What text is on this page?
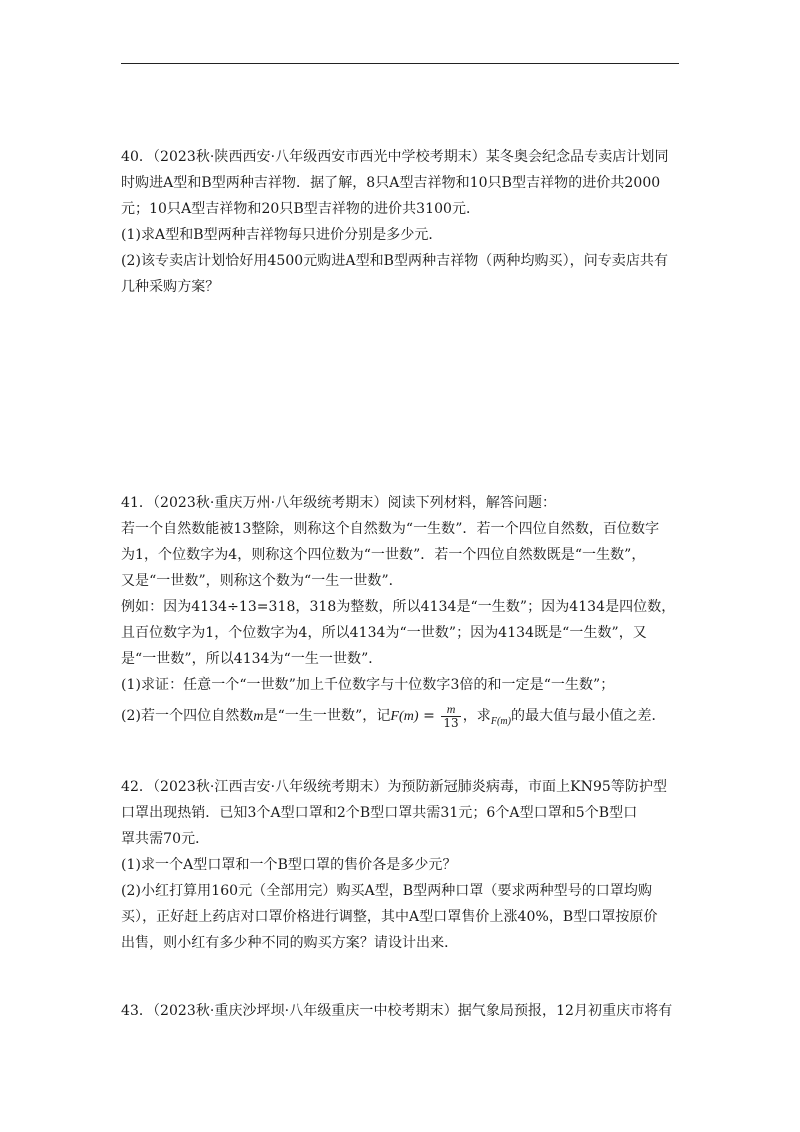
40．（2023秋·陕西西安·八年级西安市西光中学校考期末）某冬奥会纪念品专卖店计划同
时购进A型和B型两种吉祥物．据了解，8只A型吉祥物和10只B型吉祥物的进价共2000
元；10只A型吉祥物和20只B型吉祥物的进价共3100元．
(1)求A型和B型两种吉祥物每只进价分别是多少元．
(2)该专卖店计划恰好用4500元购进A型和B型两种吉祥物（两种均购买），问专卖店共有
几种采购方案？
41．（2023秋·重庆万州·八年级统考期末）阅读下列材料，解答问题：
若一个自然数能被13整除，则称这个自然数为“一生数”．若一个四位自然数，百位数字
为1，个位数字为4，则称这个四位数为“一世数”．若一个四位自然数既是“一生数”，
又是“一世数”，则称这个数为“一生一世数”．
例如：因为4134÷13=318，318为整数，所以4134是“一生数”；因为4134是四位数，
且百位数字为1，个位数字为4，所以4134为“一世数”；因为4134既是“一生数”，又
是“一世数”，所以4134为“一生一世数”．
(1)求证：任意一个“一世数”加上千位数字与十位数字3倍的和一定是“一生数”；
(2)若一个四位自然数m是“一生一世数”，记$F(m) = \frac{m}{13}$ ，求$_{F(m)}$的最大值与最小值之差．
42．（2023秋·江西吉安·八年级统考期末）为预防新冠肺炎病毒，市面上KN95等防护型
口罩出现热销．已知3个A型口罩和2个B型口罩共需31元；6个A型口罩和5个B型口
罩共需70元．
(1)求一个A型口罩和一个B型口罩的售价各是多少元？
(2)小红打算用160元（全部用完）购买A型，B型两种口罩（要求两种型号的口罩均购
买），正好赶上药店对口罩价格进行调整，其中A型口罩售价上涨40%，B型口罩按原价
出售，则小红有多少种不同的购买方案？请设计出来．
43．（2023秋·重庆沙坪坝·八年级重庆一中校考期末）据气象局预报，12月初重庆市将有
